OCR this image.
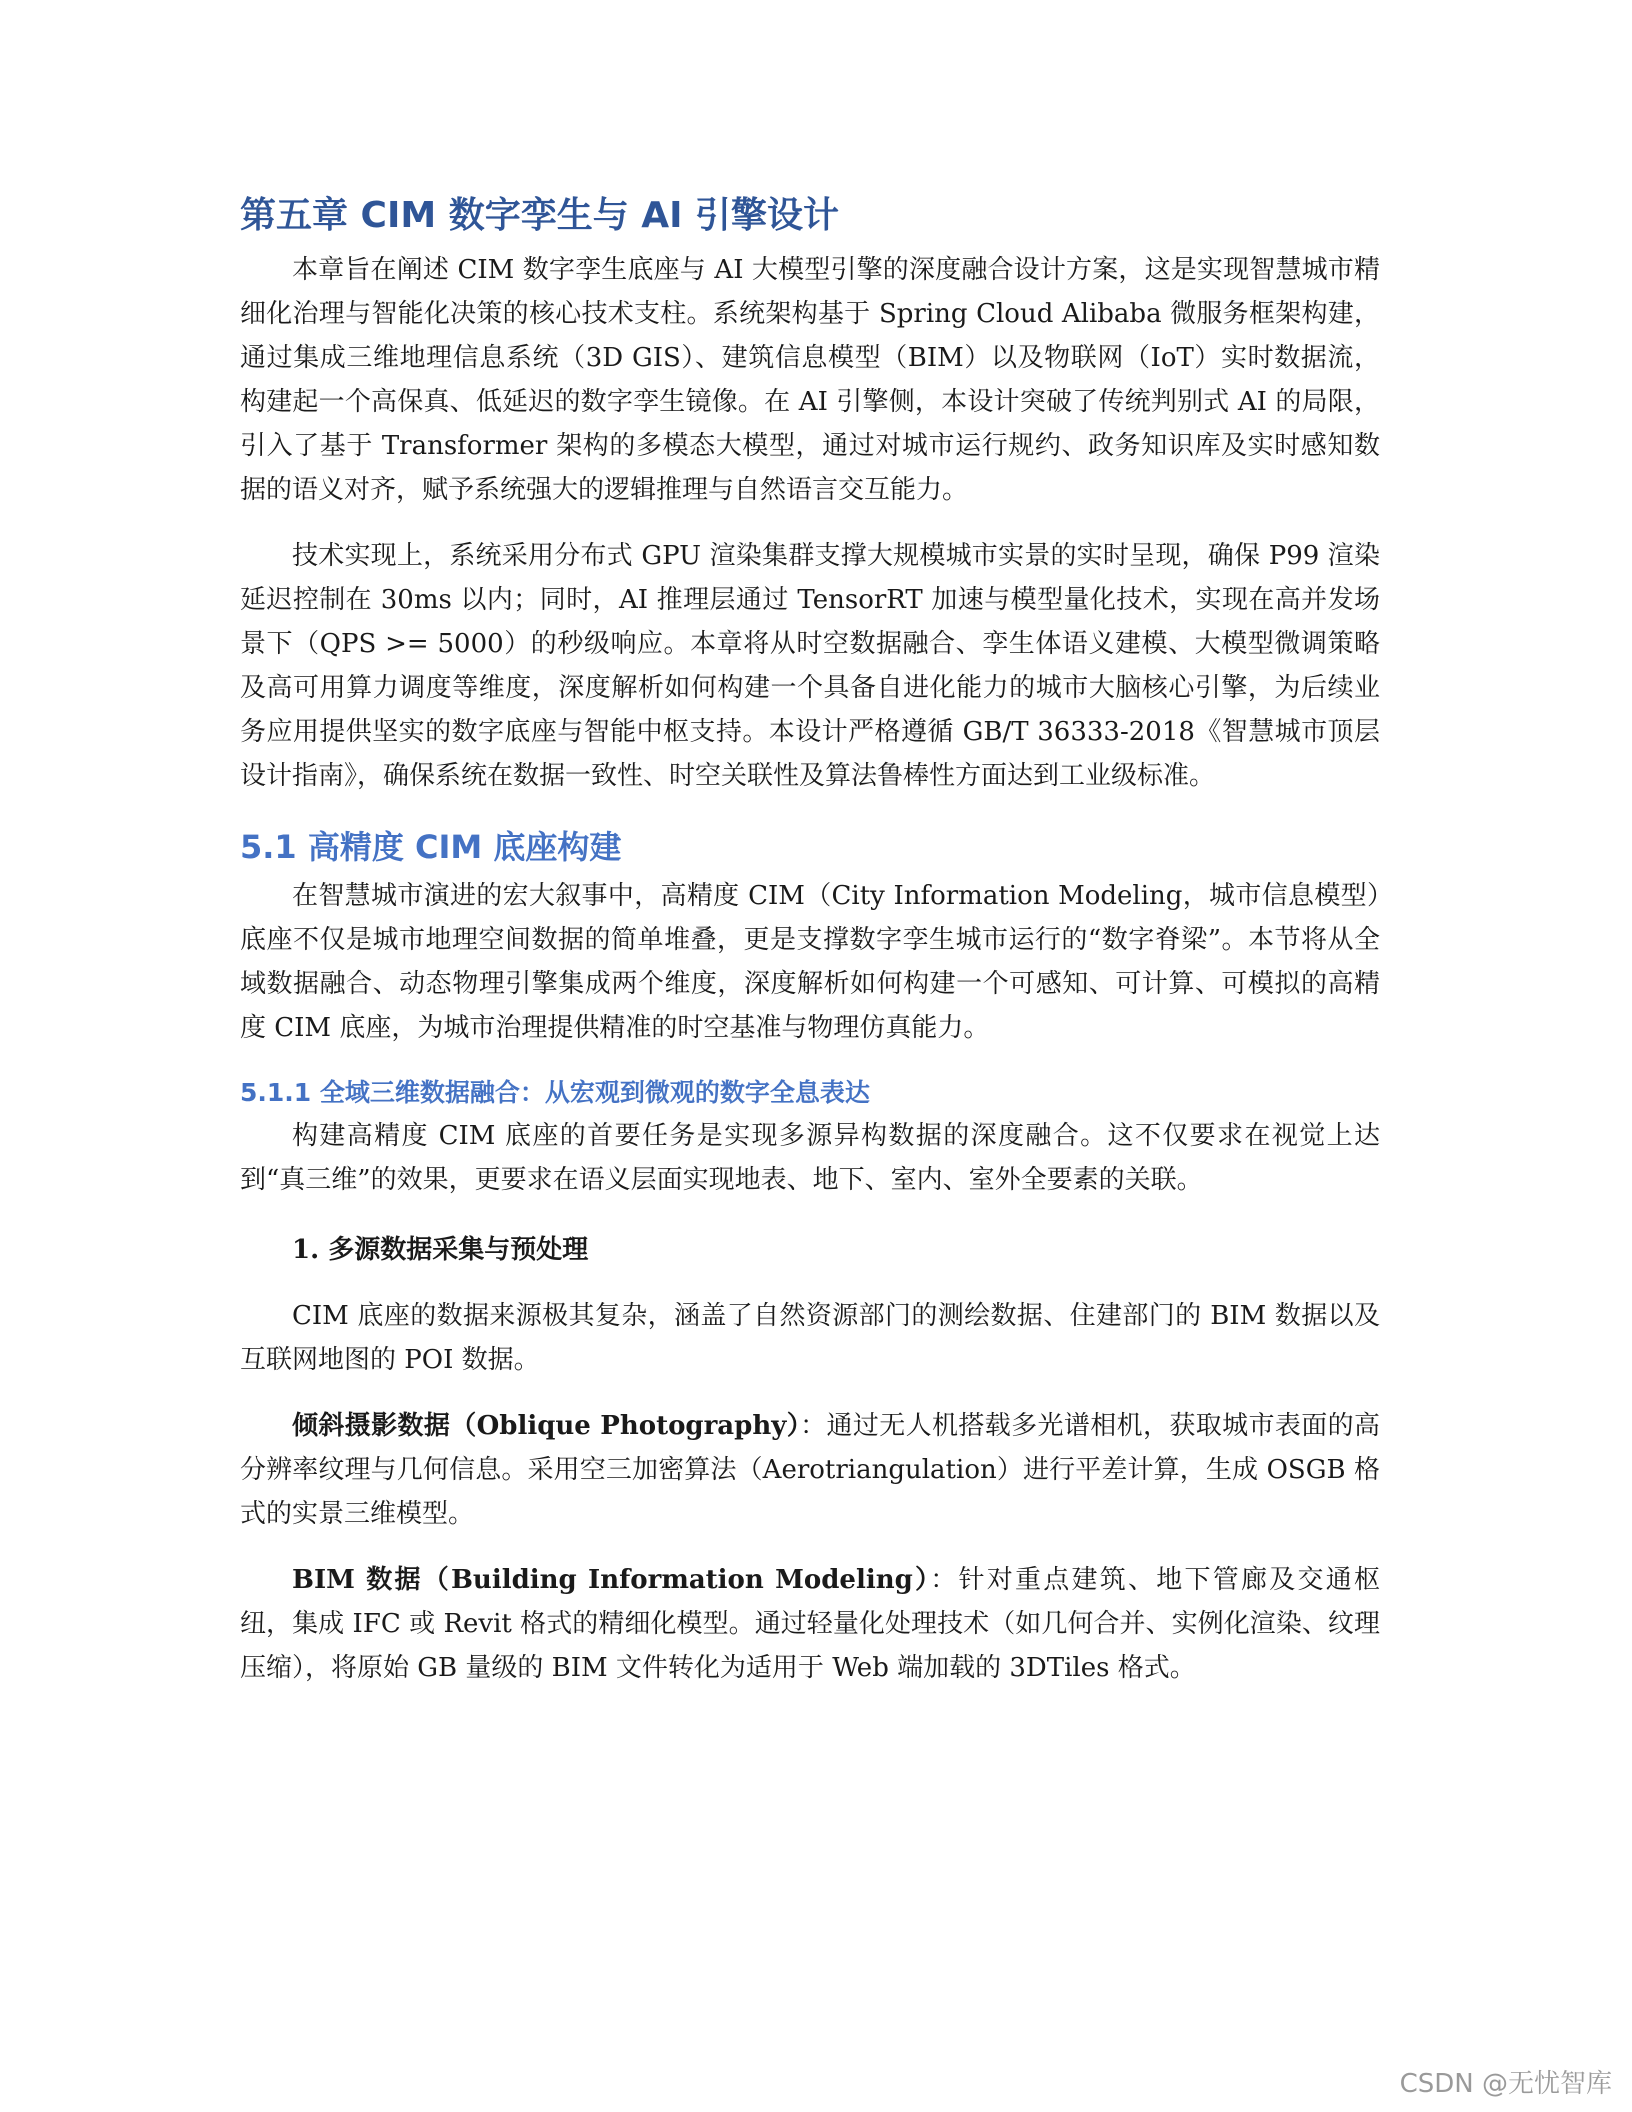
第五章 CIM 数字孪生与 AI 引擎设计

本章旨在阐述 CIM 数字孪生底座与 AI 大模型引擎的深度融合设计方案，这是实现智慧城市精细化治理与智能化决策的核心技术支柱。系统架构基于 Spring Cloud Alibaba 微服务框架构建，通过集成三维地理信息系统（3D GIS）、建筑信息模型（BIM）以及物联网（IoT）实时数据流，构建起一个高保真、低延迟的数字孪生镜像。在 AI 引擎侧，本设计突破了传统判别式 AI 的局限，引入了基于 Transformer 架构的多模态大模型，通过对城市运行规约、政务知识库及实时感知数据的语义对齐，赋予系统强大的逻辑推理与自然语言交互能力。

技术实现上，系统采用分布式 GPU 渲染集群支撑大规模城市实景的实时呈现，确保 P99 渲染延迟控制在 30ms 以内；同时，AI 推理层通过 TensorRT 加速与模型量化技术，实现在高并发场景下（QPS >= 5000）的秒级响应。本章将从时空数据融合、孪生体语义建模、大模型微调策略及高可用算力调度等维度，深度解析如何构建一个具备自进化能力的城市大脑核心引擎，为后续业务应用提供坚实的数字底座与智能中枢支持。本设计严格遵循 GB/T 36333-2018《智慧城市顶层设计指南》，确保系统在数据一致性、时空关联性及算法鲁棒性方面达到工业级标准。

5.1 高精度 CIM 底座构建

在智慧城市演进的宏大叙事中，高精度 CIM（City Information Modeling，城市信息模型）底座不仅是城市地理空间数据的简单堆叠，更是支撑数字孪生城市运行的“数字脊梁”。本节将从全域数据融合、动态物理引擎集成两个维度，深度解析如何构建一个可感知、可计算、可模拟的高精度 CIM 底座，为城市治理提供精准的时空基准与物理仿真能力。

5.1.1 全域三维数据融合：从宏观到微观的数字全息表达

构建高精度 CIM 底座的首要任务是实现多源异构数据的深度融合。这不仅要求在视觉上达到“真三维”的效果，更要求在语义层面实现地表、地下、室内、室外全要素的关联。

1. 多源数据采集与预处理

CIM 底座的数据来源极其复杂，涵盖了自然资源部门的测绘数据、住建部门的 BIM 数据以及互联网地图的 POI 数据。

倾斜摄影数据（Oblique Photography）：通过无人机搭载多光谱相机，获取城市表面的高分辨率纹理与几何信息。采用空三加密算法（Aerotriangulation）进行平差计算，生成 OSGB 格式的实景三维模型。

BIM 数据（Building Information Modeling）：针对重点建筑、地下管廊及交通枢纽，集成 IFC 或 Revit 格式的精细化模型。通过轻量化处理技术（如几何合并、实例化渲染、纹理压缩），将原始 GB 量级的 BIM 文件转化为适用于 Web 端加载的 3DTiles 格式。

CSDN @无忧智库
